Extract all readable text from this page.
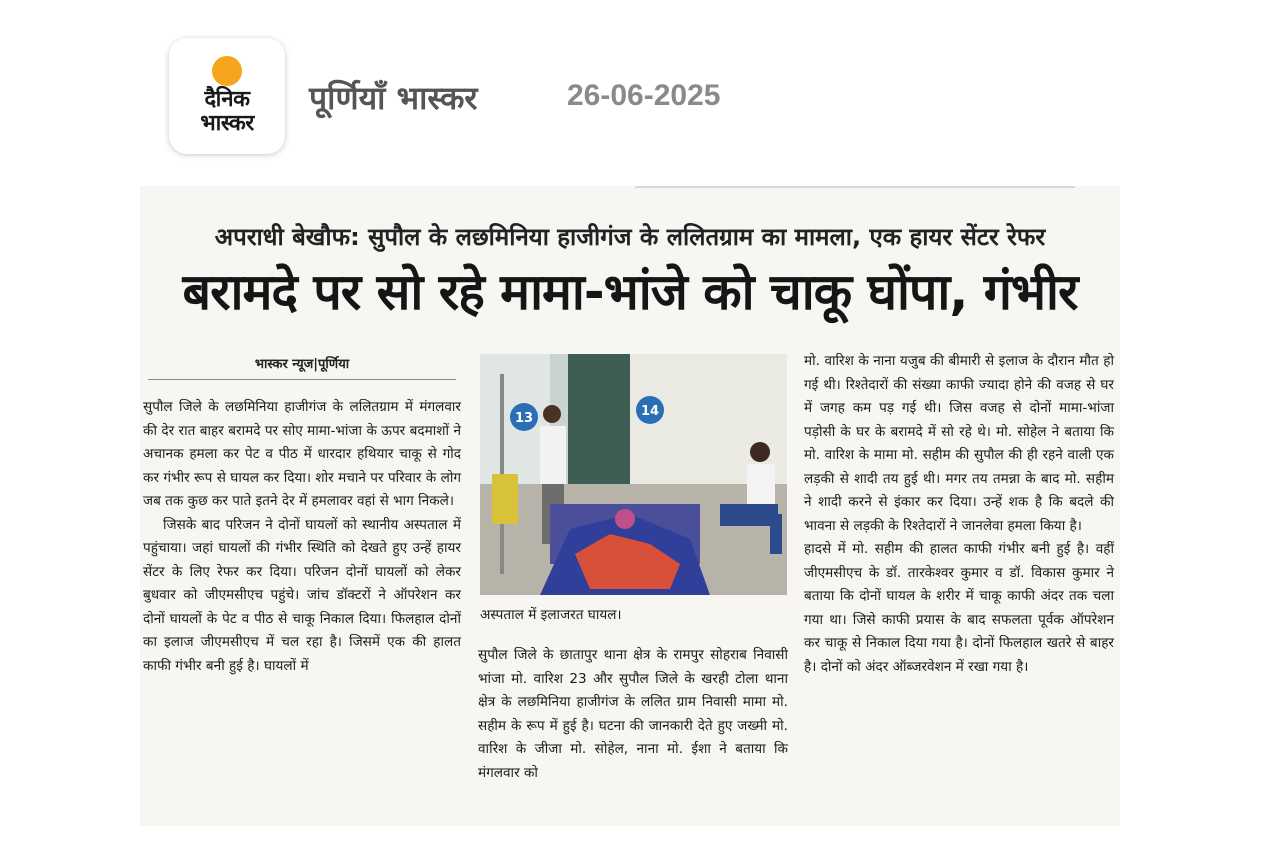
दैनिक
भास्कर
पूर्णियाँ भास्कर	26-06-2025
अपराधी बेखौफ: सुपौल के लछमिनिया हाजीगंज के ललितग्राम का मामला, एक हायर सेंटर रेफर
बरामदे पर सो रहे मामा-भांजे को चाकू घोंपा, गंभीर
भास्कर न्यूज|पूर्णिया

सुपौल जिले के लछमिनिया हाजीगंज के ललितग्राम में मंगलवार की देर रात बाहर बरामदे पर सोए मामा-भांजा के ऊपर बदमाशों ने अचानक हमला कर पेट व पीठ में धारदार हथियार चाकू से गोद कर गंभीर रूप से घायल कर दिया। शोर मचाने पर परिवार के लोग जब तक कुछ कर पाते इतने देर में हमलावर वहां से भाग निकले।

जिसके बाद परिजन ने दोनों घायलों को स्थानीय अस्पताल में पहुंचाया। जहां घायलों की गंभीर स्थिति को देखते हुए उन्हें हायर सेंटर के लिए रेफर कर दिया। परिजन दोनों घायलों को लेकर बुधवार को जीएमसीएच पहुंचे। जांच डॉक्टरों ने ऑपरेशन कर दोनों घायलों के पेट व पीठ से चाकू निकाल दिया। फिलहाल दोनों का इलाज जीएमसीएच में चल रहा है। जिसमें एक की हालत काफी गंभीर बनी हुई है। घायलों में

13	14
अस्पताल में इलाजरत घायल।

सुपौल जिले के छातापुर थाना क्षेत्र के रामपुर सोहराब निवासी भांजा मो. वारिश 23 और सुपौल जिले के खरही टोला थाना क्षेत्र के लछमिनिया हाजीगंज के ललित ग्राम निवासी मामा मो. सहीम के रूप में हुई है। घटना की जानकारी देते हुए जख्मी मो. वारिश के जीजा मो. सोहेल, नाना मो. ईशा ने बताया कि मंगलवार को

मो. वारिश के नाना यजुब की बीमारी से इलाज के दौरान मौत हो गई थी। रिश्तेदारों की संख्या काफी ज्यादा होने की वजह से घर में जगह कम पड़ गई थी। जिस वजह से दोनों मामा-भांजा पड़ोसी के घर के बरामदे में सो रहे थे। मो. सोहेल ने बताया कि मो. वारिश के मामा मो. सहीम की सुपौल की ही रहने वाली एक लड़की से शादी तय हुई थी। मगर तय तमन्ना के बाद मो. सहीम ने शादी करने से इंकार कर दिया। उन्हें शक है कि बदले की भावना से लड़की के रिश्तेदारों ने जानलेवा हमला किया है।

हादसे में मो. सहीम की हालत काफी गंभीर बनी हुई है। वहीं जीएमसीएच के डॉ. तारकेश्वर कुमार व डॉ. विकास कुमार ने बताया कि दोनों घायल के शरीर में चाकू काफी अंदर तक चला गया था। जिसे काफी प्रयास के बाद सफलता पूर्वक ऑपरेशन कर चाकू से निकाल दिया गया है। दोनों फिलहाल खतरे से बाहर है। दोनों को अंदर ऑब्जरवेशन में रखा गया है।
